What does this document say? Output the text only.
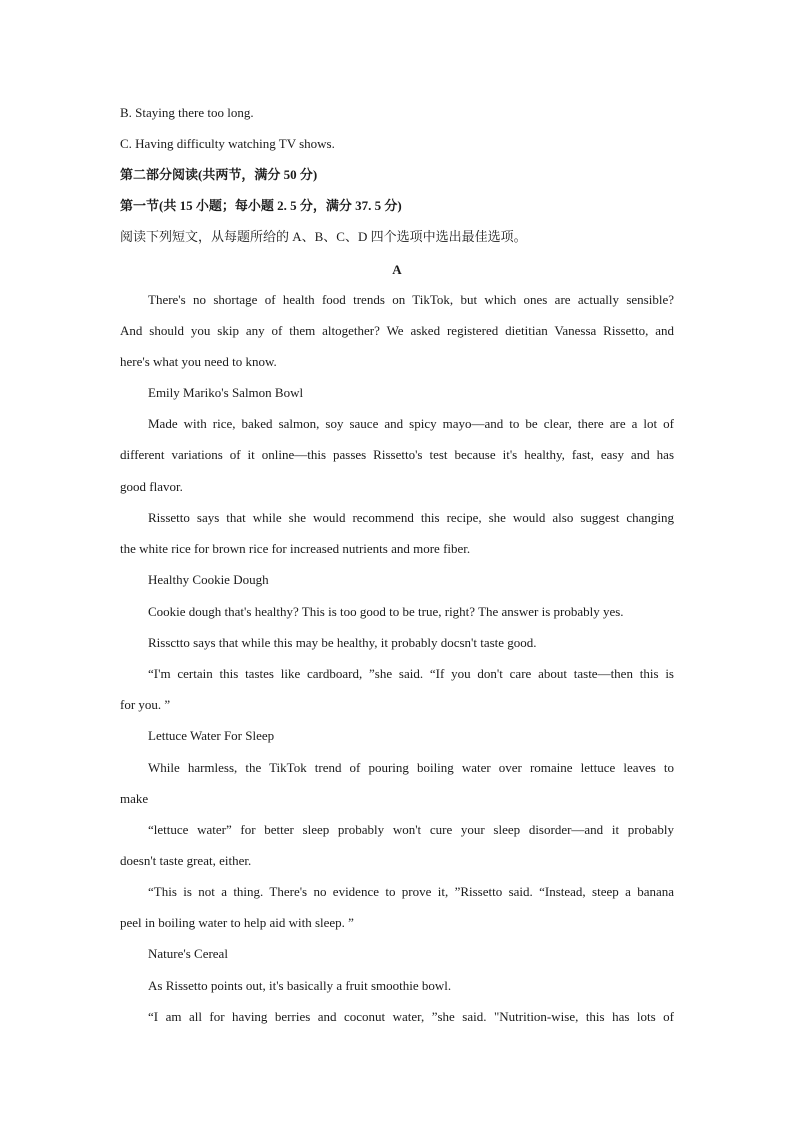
B. Staying there too long.
C. Having difficulty watching TV shows.
第二部分阅读(共两节，满分 50 分)
第一节(共 15 小题；每小题 2. 5 分，满分 37. 5 分)
阅读下列短文，从每题所给的 A、B、C、D 四个选项中选出最佳选项。
A
There's no shortage of health food trends on TikTok, but which ones are actually sensible?
And should you skip any of them altogether? We asked registered dietitian Vanessa Rissetto, and
here's what you need to know.
Emily Mariko's Salmon Bowl
Made with rice, baked salmon, soy sauce and spicy mayo—and to be clear, there are a lot of
different variations of it online—this passes Rissetto's test because it's healthy, fast, easy and has
good flavor.
Rissetto says that while she would recommend this recipe, she would also suggest changing
the white rice for brown rice for increased nutrients and more fiber.
Healthy Cookie Dough
Cookie dough that's healthy? This is too good to be true, right? The answer is probably yes.
Rissctto says that while this may be healthy, it probably docsn't taste good.
“I'm certain this tastes like cardboard, ”she said. “If you don't care about taste—then this is
for you. ”
Lettuce Water For Sleep
While harmless, the TikTok trend of pouring boiling water over romaine lettuce leaves to
make
“lettuce water” for better sleep probably won't cure your sleep disorder—and it probably
doesn't taste great, either.
“This is not a thing. There's no evidence to prove it, ”Rissetto said. “Instead, steep a banana
peel in boiling water to help aid with sleep. ”
Nature's Cereal
As Rissetto points out, it's basically a fruit smoothie bowl.
“I am all for having berries and coconut water, ”she said. "Nutrition-wise, this has lots of
